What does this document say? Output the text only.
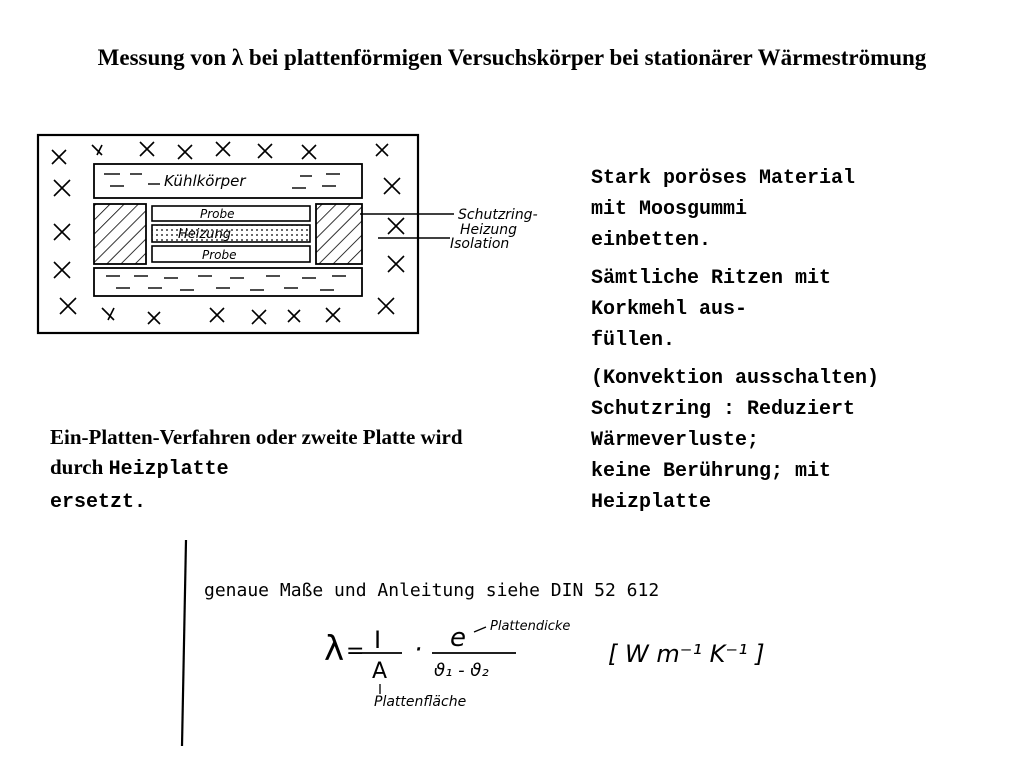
Messung von λ bei plattenförmigen Versuchskörper bei stationärer Wärmeströmung
Kühlkörper
Probe
Heizung
Probe
Schutzring-
Heizung
Isolation

Stark poröses Material
mit Moosgummi
einbetten.

Sämtliche Ritzen mit
Korkmehl aus-
füllen.

(Konvektion ausschalten)
Schutzring : Reduziert
Wärmeverluste;
keine Berührung; mit
Heizplatte

Ein-Platten-Verfahren oder zweite Platte wird durch Heizplatte
ersetzt.
genaue Maße und Anleitung siehe DIN 52 612
λ = I
A
· e
ϑ₁ - ϑ₂
[ W m⁻¹ K⁻¹ ]
Plattendicke
Plattenfläche
